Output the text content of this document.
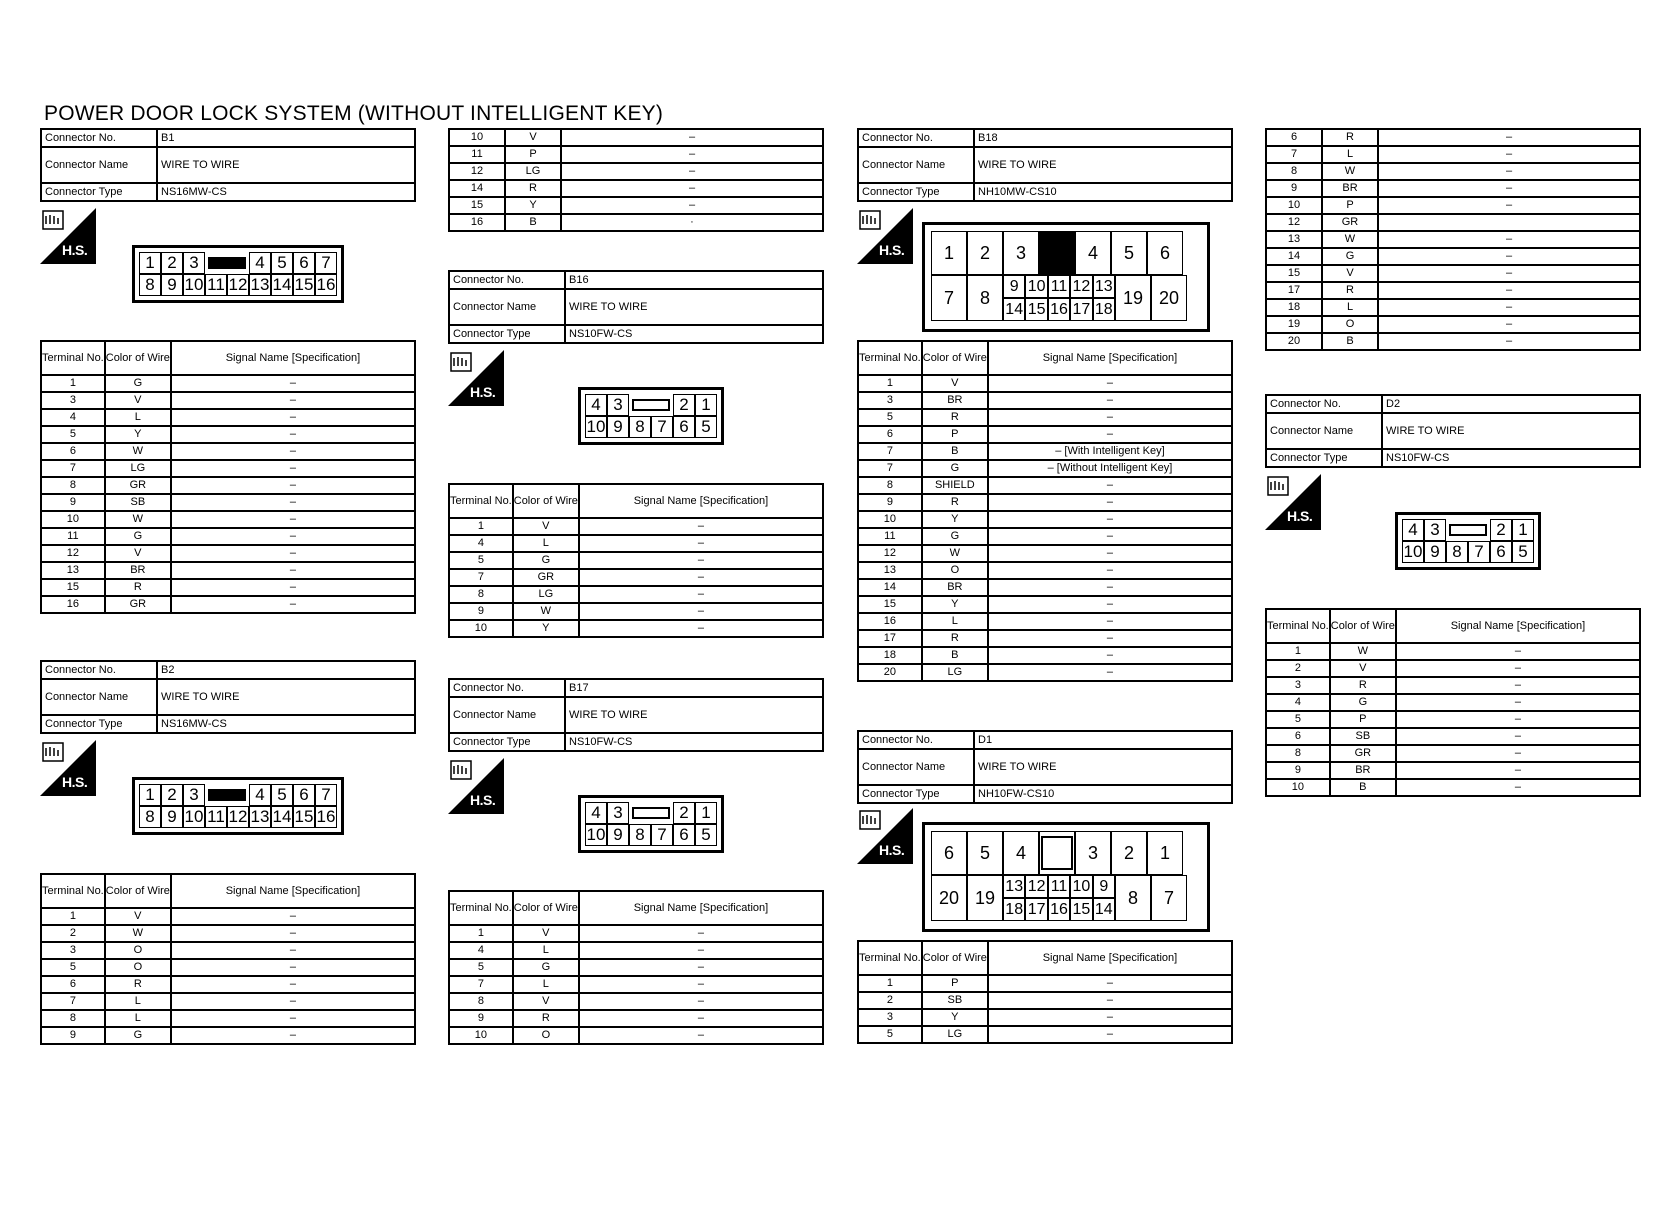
POWER DOOR LOCK SYSTEM (WITHOUT INTELLIGENT KEY)
Connector No.	B1
Connector Name	WIRE TO WIRE
Connector Type	NS16MW-CS
H.S.
1 2 3	4 5 6 7
8 9 10 11 12 13 14 15 16
Terminal No.	Color of Wire	Signal Name [Specification]
1	G	–
3	V	–
4	L	–
5	Y	–
6	W	–
7	LG	–
8	GR	–
9	SB	–
10	W	–
11	G	–
12	V	–
13	BR	–
15	R	–
16	GR	–
Connector No.	B2
Connector Name	WIRE TO WIRE
Connector Type	NS16MW-CS
H.S.
1 2 3	4 5 6 7
8 9 10 11 12 13 14 15 16
Terminal No.	Color of Wire	Signal Name [Specification]
1	V	–
2	W	–
3	O	–
5	O	–
6	R	–
7	L	–
8	L	–
9	G	–
10	V	–
11	P	–
12	LG	–
14	R	–
15	Y	–
16	B	·
Connector No.	B16
Connector Name	WIRE TO WIRE
Connector Type	NS10FW-CS
H.S.
4 3	2 1
10 9 8 7 6 5
Terminal No.	Color of Wire	Signal Name [Specification]
1	V	–
4	L	–
5	G	–
7	GR	–
8	LG	–
9	W	–
10	Y	–
Connector No.	B17
Connector Name	WIRE TO WIRE
Connector Type	NS10FW-CS
H.S.
4 3	2 1
10 9 8 7 6 5
Terminal No.	Color of Wire	Signal Name [Specification]
1	V	–
4	L	–
5	G	–
7	L	–
8	V	–
9	R	–
10	O	–
Connector No.	B18
Connector Name	WIRE TO WIRE
Connector Type	NH10MW-CS10
H.S.	1	2	3	4	5	6
7	8
9 10 11 12 13
14 15 16 17 18
19 20
Terminal No.	Color of Wire	Signal Name [Specification]
1	V	–
3	BR	–
5	R	–
6	P	–
7	B	– [With Intelligent Key]
7	G	– [Without Intelligent Key]
8	SHIELD	–
9	R	–
10	Y	–
11	G	–
12	W	–
13	O	–
14	BR	–
15	Y	–
16	L	–
17	R	–
18	B	–
20	LG	–
Connector No.	D1
Connector Name	WIRE TO WIRE
Connector Type	NH10FW-CS10
H.S.	6	5	4	3	2	1
20 19
13 12 11 10 9
18 17 16 15 14
8	7
Terminal No.	Color of Wire	Signal Name [Specification]
1	P	–
2	SB	–
3	Y	–
5	LG	–
6	R	–
7	L	–
8	W	–
9	BR	–
10	P	–
12	GR	
13	W	–
14	G	–
15	V	–
17	R	–
18	L	–
19	O	–
20	B	–
Connector No.	D2
Connector Name	WIRE TO WIRE
Connector Type	NS10FW-CS
H.S.
4 3	2 1
10 9 8 7 6 5
Terminal No.	Color of Wire	Signal Name [Specification]
1	W	–
2	V	–
3	R	–
4	G	–
5	P	–
6	SB	–
8	GR	–
9	BR	–
10	B	–
